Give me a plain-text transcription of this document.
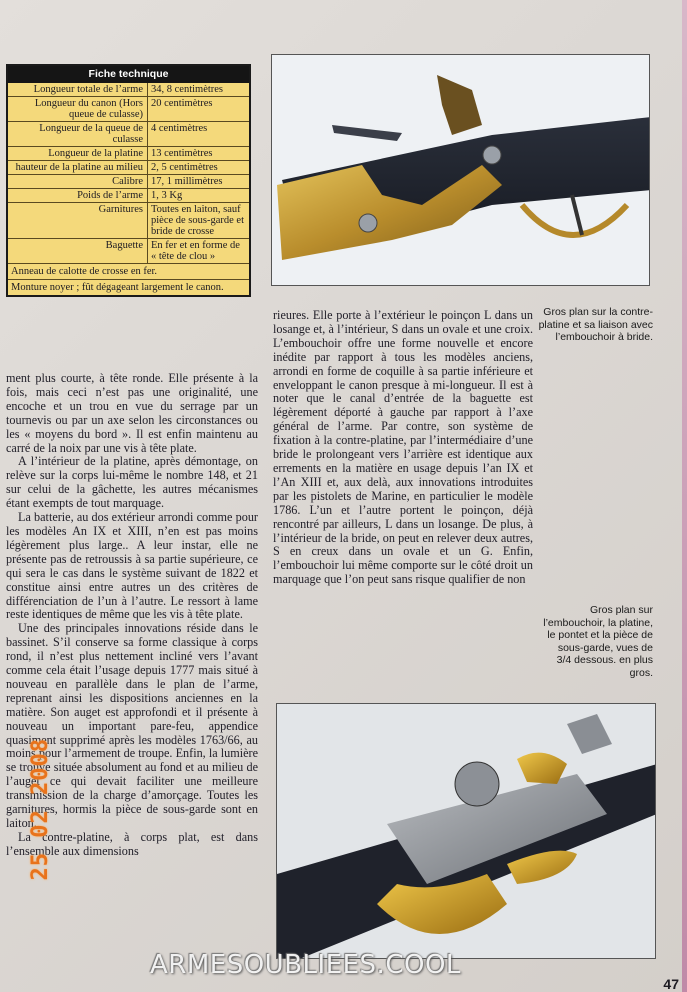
Fiche technique
Longueur totale de l’arme 34, 8 centimètres
Longueur du canon (Hors queue de culasse)
20 centimètres
Longueur de la queue de culasse
4 centimètres
Longueur de la platine 13 centimètres
hauteur de la platine au milieu 2, 5 centimètres
Calibre 17, 1 millimètres
Poids de l’arme 1, 3 Kg
Garnitures Toutes en laiton, sauf pièce de sous-garde et bride de crosse
Baguette En fer et en forme de « tête de clou »
Anneau de calotte de crosse en fer.
Monture noyer ; fût dégageant largement le canon.
Gros plan sur la contre-platine et sa liaison avec l’embouchoir à bride.
Gros plan sur l’embouchoir, la platine, le pontet et la pièce de sous-garde, vues de 3/4 dessous. en plus gros.

ment plus courte, à tête ronde. Elle présente à la fois, mais ceci n’est pas une originalité, une encoche et un trou en vue du serrage par un tournevis ou par un axe selon les circonstances ou les « moyens du bord ». Il est enfin maintenu au carré de la noix par une vis à tête plate.

A l’intérieur de la platine, après démontage, on relève sur la corps lui-même le nombre 148, et 21 sur celui de la gâchette, les autres mécanismes étant exempts de tout marquage.

La batterie, au dos extérieur arrondi comme pour les modèles An IX et XIII, n’en est pas moins légèrement plus large.. A leur instar, elle ne présente pas de retroussis à sa partie supérieure, ce qui sera le cas dans le système suivant de 1822 et constitue ainsi entre autres un des critères de différenciation de l’un à l’autre. Le ressort à lame reste identiques de même que les vis à tête plate.

Une des principales innovations réside dans le bassinet. S’il conserve sa forme classique à corps rond, il n’est plus nettement incliné vers l’avant comme cela était l’usage depuis 1777 mais situé à nouveau en parallèle dans le plan de l’arme, reprenant ainsi les dispositions anciennes en la matière. Son auget est approfondi et il présente à nouveau un important pare-feu, appendice quasiment supprimé après les modèles 1763/66, au moins pour l’armement de troupe. Enfin, la lumière se trouve située absolument au fond et au milieu de l’auget ce qui devait faciliter une meilleure transmission de la charge d’amorçage. Toutes les garnitures, hormis la pièce de sous-garde sont en laiton.

La contre-platine, à corps plat, est dans l’ensemble aux dimensions

rieures. Elle porte à l’extérieur le poinçon L dans un losange et, à l’intérieur, S dans un ovale et une croix. L’embouchoir offre une forme nouvelle et encore inédite par rapport à tous les modèles anciens, arrondi en forme de coquille à sa partie inférieure et enveloppant le canon presque à mi-longueur. Il est à noter que le canal d’entrée de la baguette est légèrement déporté à gauche par rapport à l’axe général de l’arme. Par contre, son système de fixation à la contre-platine, par l’intermédiaire d’une bride le prolongeant vers l’arrière est identique aux errements en la matière en usage depuis l’an IX et l’An XIII et, aux delà, aux innovations introduites par les pistolets de Marine, en particulier le modèle 1786. L’un et l’autre portent le poinçon, déjà rencontré par ailleurs, L dans un losange. De plus, à l’intérieur de la bride, on peut en relever deux autres, S en creux dans un ovale et un G. Enfin, l’embouchoir lui même comporte sur le côté droit un marquage que l’on peut sans risque qualifier de non

25 02 2008
ARMESOUBLIEES.COOL
47
